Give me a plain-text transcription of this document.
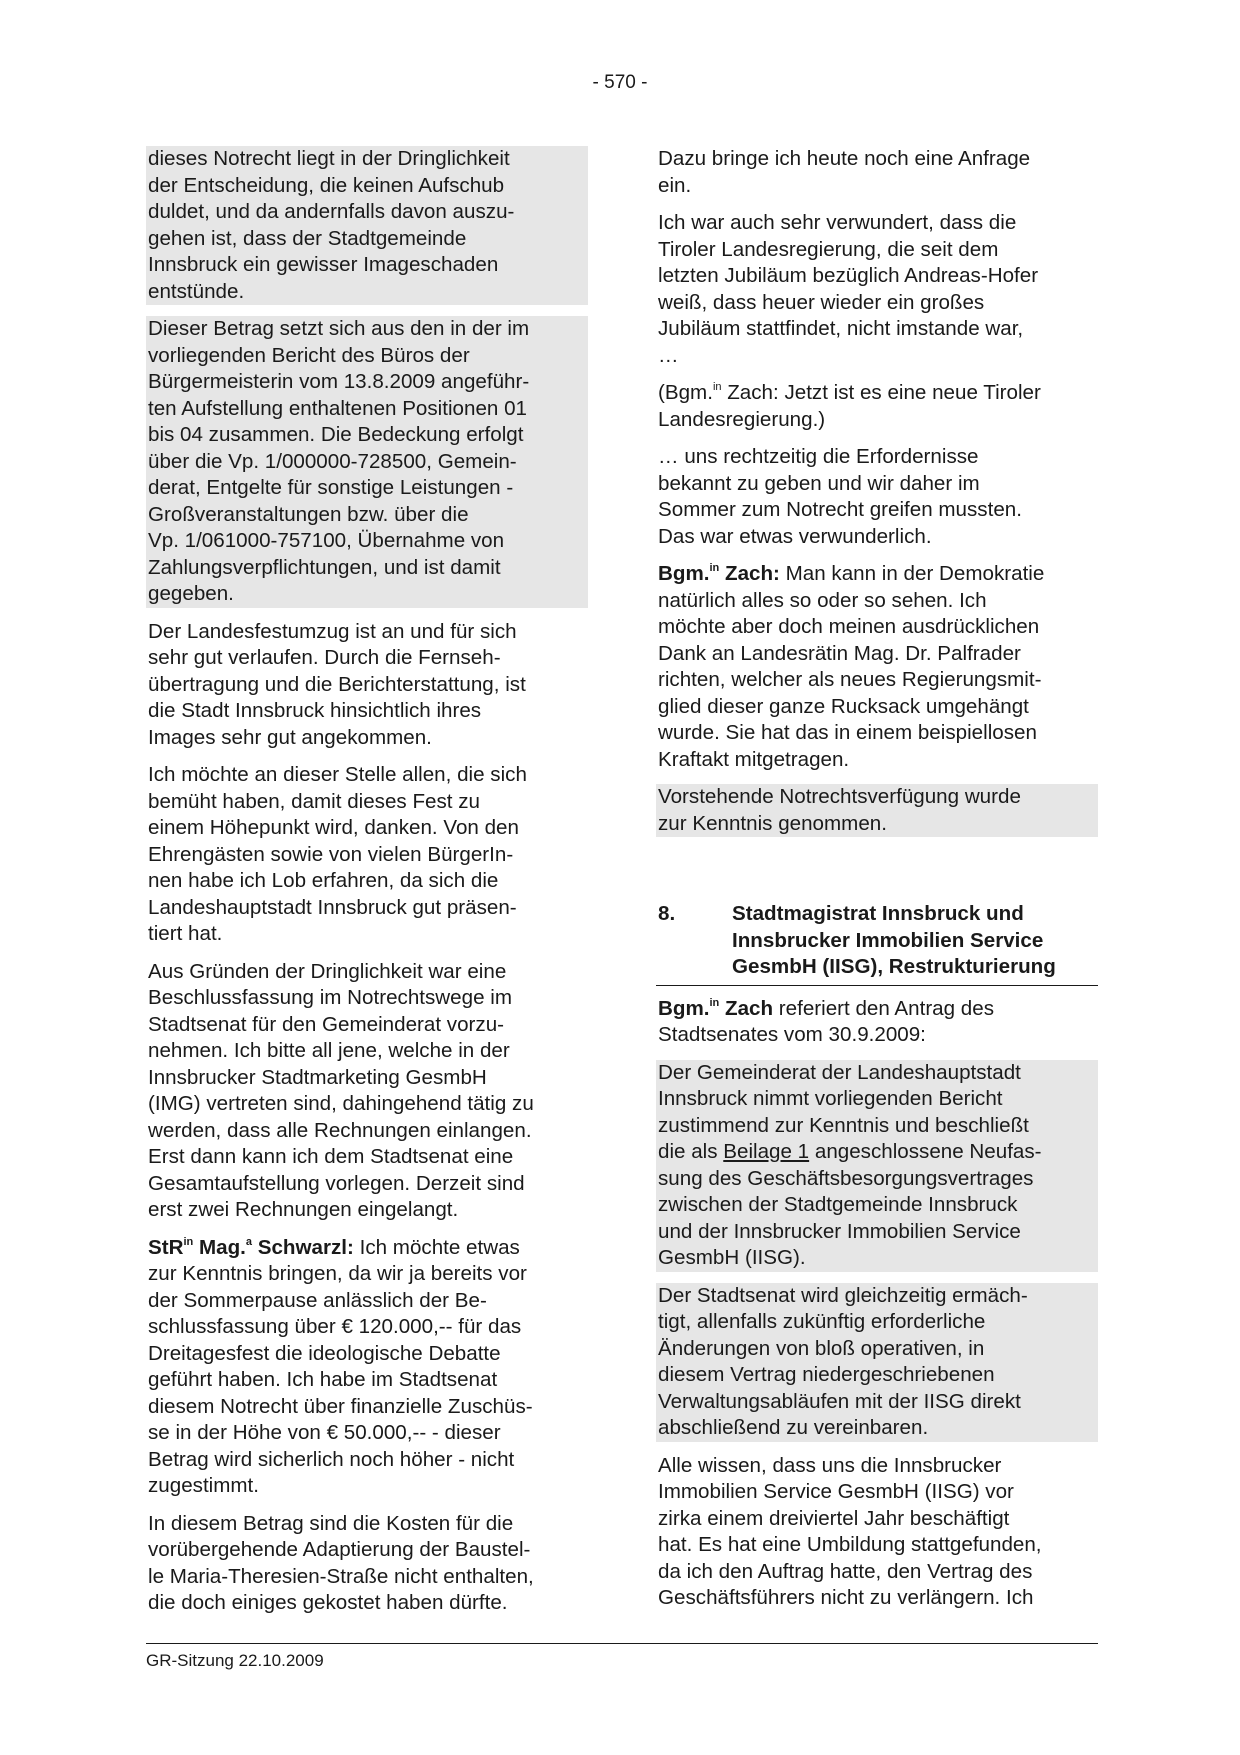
- 570 -
dieses Notrecht liegt in der Dringlichkeit
der Entscheidung, die keinen Aufschub
duldet, und da andernfalls davon auszu-
gehen ist, dass der Stadtgemeinde
Innsbruck ein gewisser Imageschaden
entstünde.
Dieser Betrag setzt sich aus den in der im
vorliegenden Bericht des Büros der
Bürgermeisterin vom 13.8.2009 angeführ-
ten Aufstellung enthaltenen Positionen 01
bis 04 zusammen. Die Bedeckung erfolgt
über die Vp. 1/000000-728500, Gemein-
derat, Entgelte für sonstige Leistungen -
Großveranstaltungen bzw. über die
Vp. 1/061000-757100, Übernahme von
Zahlungsverpflichtungen, und ist damit
gegeben.
Der Landesfestumzug ist an und für sich
sehr gut verlaufen. Durch die Fernseh-
übertragung und die Berichterstattung, ist
die Stadt Innsbruck hinsichtlich ihres
Images sehr gut angekommen.
Ich möchte an dieser Stelle allen, die sich
bemüht haben, damit dieses Fest zu
einem Höhepunkt wird, danken. Von den
Ehrengästen sowie von vielen BürgerIn-
nen habe ich Lob erfahren, da sich die
Landeshauptstadt Innsbruck gut präsen-
tiert hat.
Aus Gründen der Dringlichkeit war eine
Beschlussfassung im Notrechtswege im
Stadtsenat für den Gemeinderat vorzu-
nehmen. Ich bitte all jene, welche in der
Innsbrucker Stadtmarketing GesmbH
(IMG) vertreten sind, dahingehend tätig zu
werden, dass alle Rechnungen einlangen.
Erst dann kann ich dem Stadtsenat eine
Gesamtaufstellung vorlegen. Derzeit sind
erst zwei Rechnungen eingelangt.
StR$^{in}$ Mag.$^a$ Schwarzl: Ich möchte etwas
zur Kenntnis bringen, da wir ja bereits vor
der Sommerpause anlässlich der Be-
schlussfassung über € 120.000,-- für das
Dreitagesfest die ideologische Debatte
geführt haben. Ich habe im Stadtsenat
diesem Notrecht über finanzielle Zuschüs-
se in der Höhe von € 50.000,-- - dieser
Betrag wird sicherlich noch höher - nicht
zugestimmt.
In diesem Betrag sind die Kosten für die
vorübergehende Adaptierung der Baustel-
le Maria-Theresien-Straße nicht enthalten,
die doch einiges gekostet haben dürfte.
Dazu bringe ich heute noch eine Anfrage
ein.
Ich war auch sehr verwundert, dass die
Tiroler Landesregierung, die seit dem
letzten Jubiläum bezüglich Andreas-Hofer
weiß, dass heuer wieder ein großes
Jubiläum stattfindet, nicht imstande war,
…
(Bgm.$^{in}$ Zach: Jetzt ist es eine neue Tiroler
Landesregierung.)
… uns rechtzeitig die Erfordernisse
bekannt zu geben und wir daher im
Sommer zum Notrecht greifen mussten.
Das war etwas verwunderlich.
Bgm.$^{in}$ Zach: Man kann in der Demokratie
natürlich alles so oder so sehen. Ich
möchte aber doch meinen ausdrücklichen
Dank an Landesrätin Mag. Dr. Palfrader
richten, welcher als neues Regierungsmit-
glied dieser ganze Rucksack umgehängt
wurde. Sie hat das in einem beispiellosen
Kraftakt mitgetragen.
Vorstehende Notrechtsverfügung wurde
zur Kenntnis genommen.
8.	Stadtmagistrat Innsbruck und
Innsbrucker Immobilien Service
GesmbH (IISG), Restrukturierung
Bgm.$^{in}$ Zach referiert den Antrag des
Stadtsenates vom 30.9.2009:
Der Gemeinderat der Landeshauptstadt
Innsbruck nimmt vorliegenden Bericht
zustimmend zur Kenntnis und beschließt
die als Beilage 1 angeschlossene Neufas-
sung des Geschäftsbesorgungsvertrages
zwischen der Stadtgemeinde Innsbruck
und der Innsbrucker Immobilien Service
GesmbH (IISG).
Der Stadtsenat wird gleichzeitig ermäch-
tigt, allenfalls zukünftig erforderliche
Änderungen von bloß operativen, in
diesem Vertrag niedergeschriebenen
Verwaltungsabläufen mit der IISG direkt
abschließend zu vereinbaren.
Alle wissen, dass uns die Innsbrucker
Immobilien Service GesmbH (IISG) vor
zirka einem dreiviertel Jahr beschäftigt
hat. Es hat eine Umbildung stattgefunden,
da ich den Auftrag hatte, den Vertrag des
Geschäftsführers nicht zu verlängern. Ich
GR-Sitzung 22.10.2009
